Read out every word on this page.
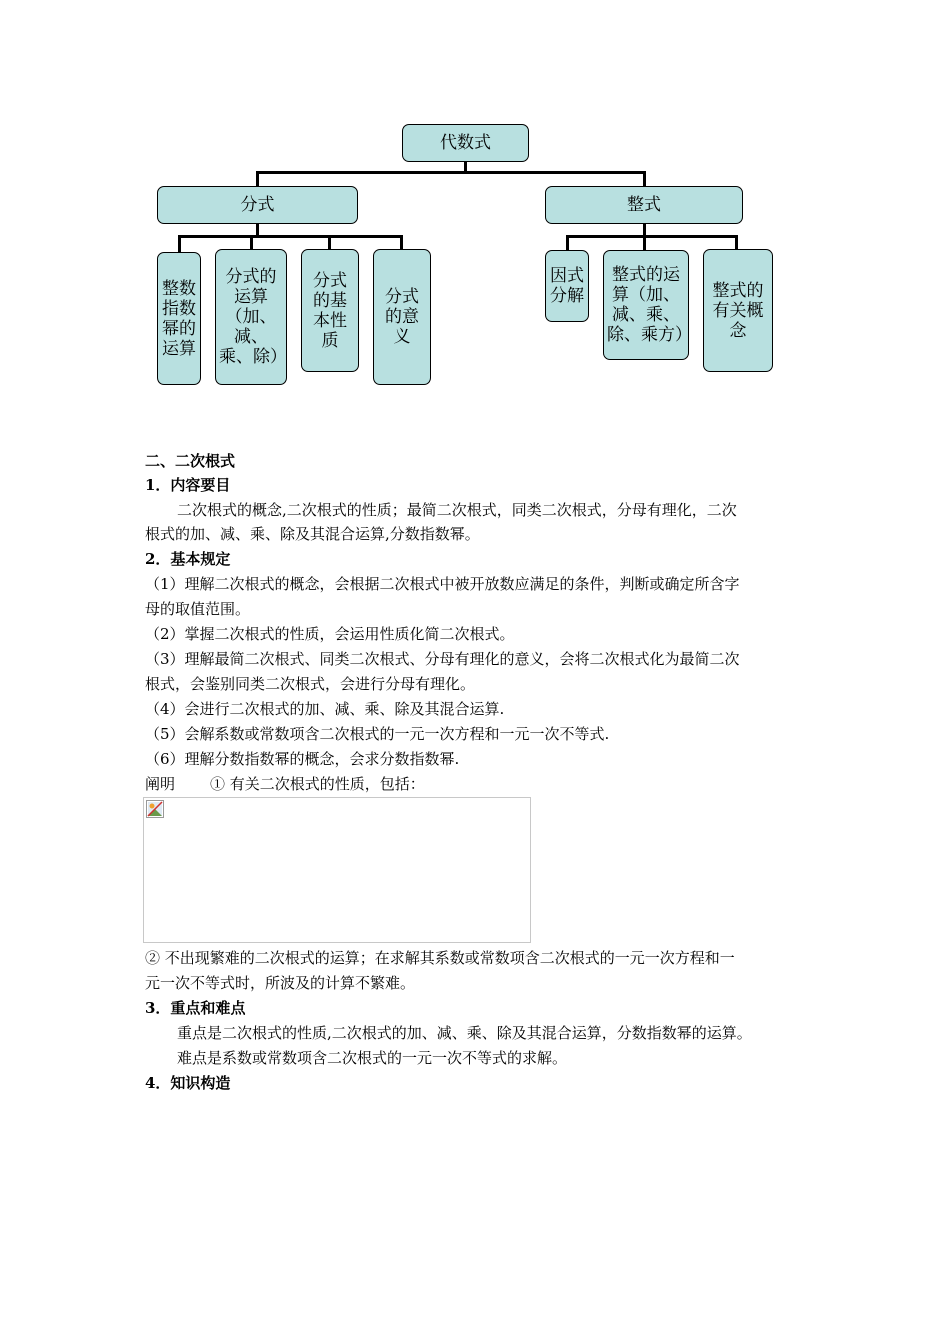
代数式
分式	整式
整数指数幂的运算
分式的运算（加、减、乘、除）
分式的基本性质
分式的意义
因式分解
整式的运算（加、减、乘、除、乘方）
整式的有关概念
二、二次根式
1．内容要目
二次根式的概念,二次根式的性质；最简二次根式，同类二次根式，分母有理化，二次
根式的加、减、乘、除及其混合运算,分数指数幂。
2．基本规定
（1）理解二次根式的概念，会根据二次根式中被开放数应满足的条件，判断或确定所含字
母的取值范围。
（2）掌握二次根式的性质，会运用性质化简二次根式。
（3）理解最简二次根式、同类二次根式、分母有理化的意义，会将二次根式化为最简二次
根式，会鉴别同类二次根式，会进行分母有理化。
（4）会进行二次根式的加、减、乘、除及其混合运算.
（5）会解系数或常数项含二次根式的一元一次方程和一元一次不等式.
（6）理解分数指数幂的概念，会求分数指数幂.
阐明 ① 有关二次根式的性质，包括：
② 不出现繁难的二次根式的运算；在求解其系数或常数项含二次根式的一元一次方程和一
元一次不等式时，所波及的计算不繁难。
3．重点和难点
重点是二次根式的性质,二次根式的加、减、乘、除及其混合运算，分数指数幂的运算。
难点是系数或常数项含二次根式的一元一次不等式的求解。
4．知识构造
